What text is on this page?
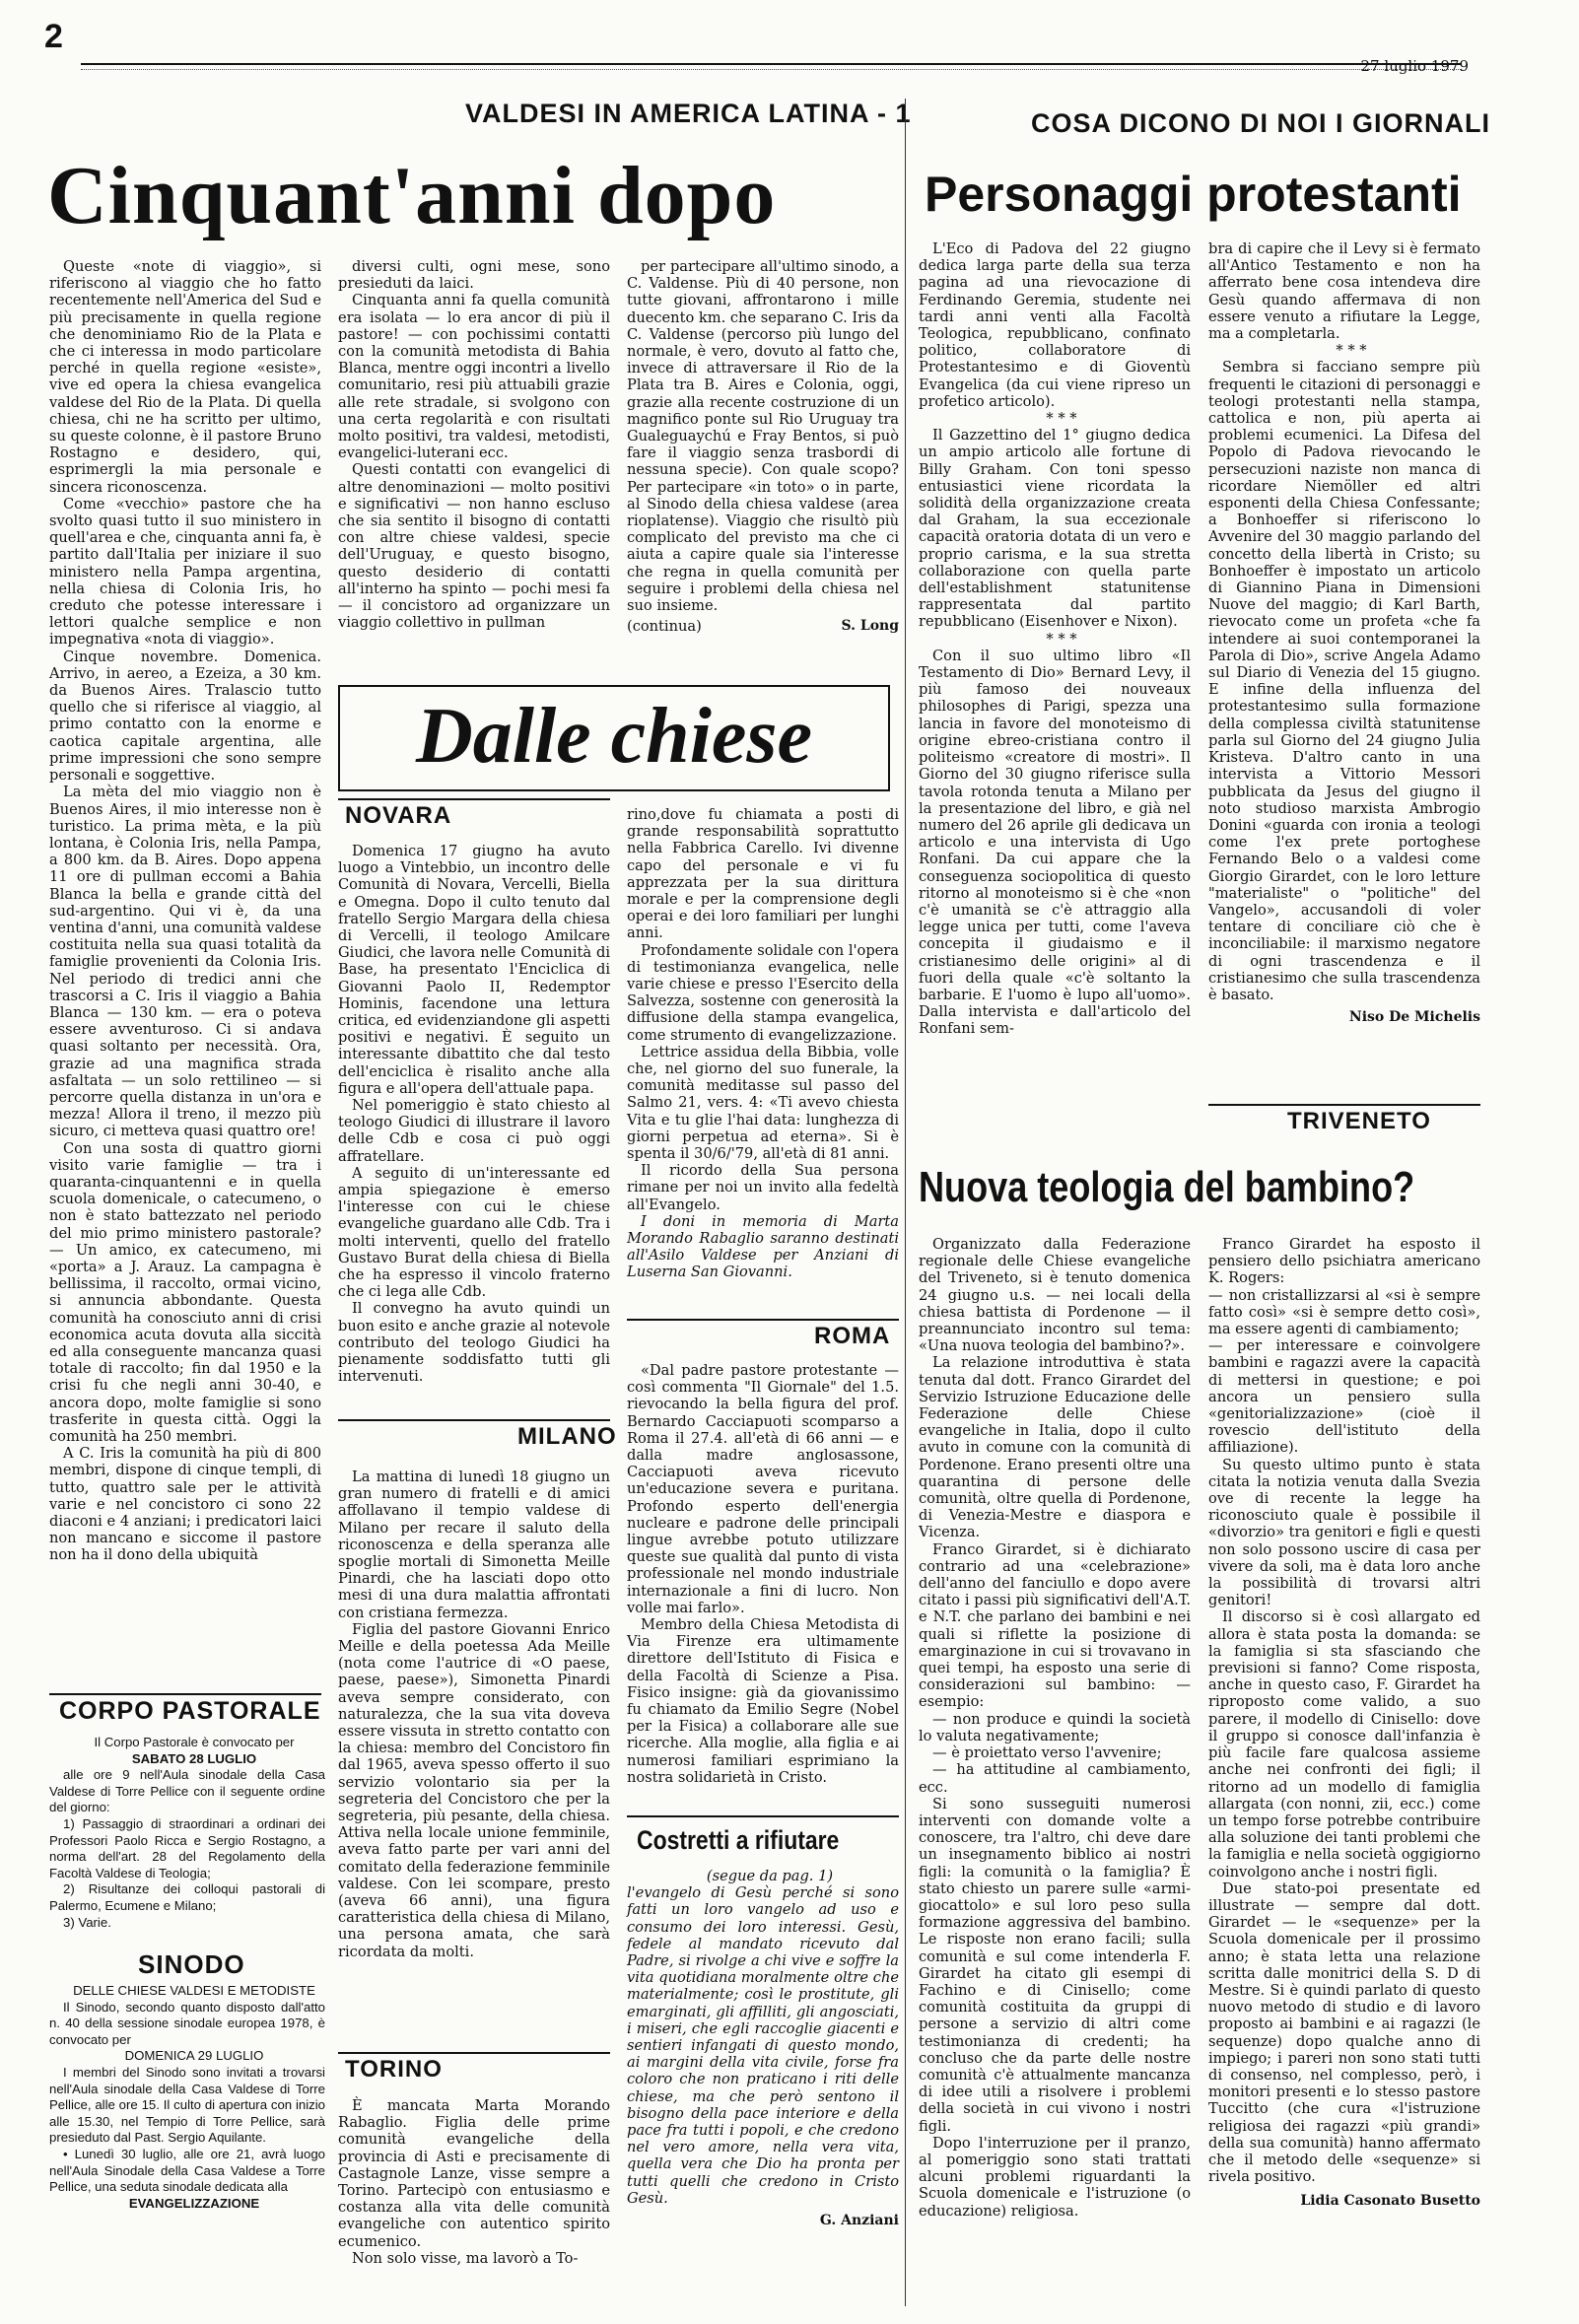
2
27 luglio 1979
VALDESI IN AMERICA LATINA - 1
Cinquant'anni dopo
COSA DICONO DI NOI I GIORNALI
Personaggi protestanti

Queste «note di viaggio», si riferiscono al viaggio che ho fatto recentemente nell'America del Sud e più precisamente in quella regione che denominiamo Rio de la Plata e che ci interessa in modo particolare perché in quella regione «esiste», vive ed opera la chiesa evangelica valdese del Rio de la Plata. Di quella chiesa, chi ne ha scritto per ultimo, su queste colonne, è il pastore Bruno Rostagno e desidero, qui, esprimergli la mia personale e sincera riconoscenza.

Come «vecchio» pastore che ha svolto quasi tutto il suo ministero in quell'area e che, cinquanta anni fa, è partito dall'Italia per iniziare il suo ministero nella Pampa argentina, nella chiesa di Colonia Iris, ho creduto che potesse interessare i lettori qualche semplice e non impegnativa «nota di viaggio».

Cinque novembre. Domenica. Arrivo, in aereo, a Ezeiza, a 30 km. da Buenos Aires. Tralascio tutto quello che si riferisce al viaggio, al primo contatto con la enorme e caotica capitale argentina, alle prime impressioni che sono sempre personali e soggettive.

La mèta del mio viaggio non è Buenos Aires, il mio interesse non è turistico. La prima mèta, e la più lontana, è Colonia Iris, nella Pampa, a 800 km. da B. Aires. Dopo appena 11 ore di pullman eccomi a Bahia Blanca la bella e grande città del sud-argentino. Qui vi è, da una ventina d'anni, una comunità valdese costituita nella sua quasi totalità da famiglie provenienti da Colonia Iris. Nel periodo di tredici anni che trascorsi a C. Iris il viaggio a Bahia Blanca — 130 km. — era o poteva essere avventuroso. Ci si andava quasi soltanto per necessità. Ora, grazie ad una magnifica strada asfaltata — un solo rettilineo — si percorre quella distanza in un'ora e mezza! Allora il treno, il mezzo più sicuro, ci metteva quasi quattro ore!

Con una sosta di quattro giorni visito varie famiglie — tra i quaranta-cinquantenni e in quella scuola domenicale, o catecumeno, o non è stato battezzato nel periodo del mio primo ministero pastorale? — Un amico, ex catecumeno, mi «porta» a J. Arauz. La campagna è bellissima, il raccolto, ormai vicino, si annuncia abbondante. Questa comunità ha conosciuto anni di crisi economica acuta dovuta alla siccità ed alla conseguente mancanza quasi totale di raccolto; fin dal 1950 e la crisi fu che negli anni 30-40, e ancora dopo, molte famiglie si sono trasferite in questa città. Oggi la comunità ha 250 membri.

A C. Iris la comunità ha più di 800 membri, dispone di cinque templi, di tutto, quattro sale per le attività varie e nel concistoro ci sono 22 diaconi e 4 anziani; i predicatori laici non mancano e siccome il pastore non ha il dono della ubiquità

diversi culti, ogni mese, sono presieduti da laici.

Cinquanta anni fa quella comunità era isolata — lo era ancor di più il pastore! — con pochissimi contatti con la comunità metodista di Bahia Blanca, mentre oggi incontri a livello comunitario, resi più attuabili grazie alle rete stradale, si svolgono con una certa regolarità e con risultati molto positivi, tra valdesi, metodisti, evangelici-luterani ecc.

Questi contatti con evangelici di altre denominazioni — molto positivi e significativi — non hanno escluso che sia sentito il bisogno di contatti con altre chiese valdesi, specie dell'Uruguay, e questo bisogno, questo desiderio di contatti all'interno ha spinto — pochi mesi fa — il concistoro ad organizzare un viaggio collettivo in pullman

per partecipare all'ultimo sinodo, a C. Valdense. Più di 40 persone, non tutte giovani, affrontarono i mille duecento km. che separano C. Iris da C. Valdense (percorso più lungo del normale, è vero, dovuto al fatto che, invece di attraversare il Rio de la Plata tra B. Aires e Colonia, oggi, grazie alla recente costruzione di un magnifico ponte sul Rio Uruguay tra Gualeguaychú e Fray Bentos, si può fare il viaggio senza trasbordi di nessuna specie). Con quale scopo? Per partecipare «in toto» o in parte, al Sinodo della chiesa valdese (area rioplatense). Viaggio che risultò più complicato del previsto ma che ci aiuta a capire quale sia l'interesse che regna in quella comunità per seguire i problemi della chiesa nel suo insieme.

(continua)	S. Long
Dalle chiese
CORPO PASTORALE

Il Corpo Pastorale è convocato per

SABATO 28 LUGLIO

alle ore 9 nell'Aula sinodale della Casa Valdese di Torre Pellice con il seguente ordine del giorno:

1) Passaggio di straordinari a ordinari dei Professori Paolo Ricca e Sergio Rostagno, a norma dell'art. 28 del Regolamento della Facoltà Valdese di Teologia;

2) Risultanze dei colloqui pastorali di Palermo, Ecumene e Milano;

3) Varie.

SINODO

DELLE CHIESE VALDESI E METODISTE

Il Sinodo, secondo quanto disposto dall'atto n. 40 della sessione sinodale europea 1978, è convocato per

DOMENICA 29 LUGLIO

I membri del Sinodo sono invitati a trovarsi nell'Aula sinodale della Casa Valdese di Torre Pellice, alle ore 15. Il culto di apertura con inizio alle 15.30, nel Tempio di Torre Pellice, sarà presieduto dal Past. Sergio Aquilante.

• Lunedì 30 luglio, alle ore 21, avrà luogo nell'Aula Sinodale della Casa Valdese a Torre Pellice, una seduta sinodale dedicata alla

EVANGELIZZAZIONE

NOVARA

Domenica 17 giugno ha avuto luogo a Vintebbio, un incontro delle Comunità di Novara, Vercelli, Biella e Omegna. Dopo il culto tenuto dal fratello Sergio Margara della chiesa di Vercelli, il teologo Amilcare Giudici, che lavora nelle Comunità di Base, ha presentato l'Enciclica di Giovanni Paolo II, Redemptor Hominis, facendone una lettura critica, ed evidenziandone gli aspetti positivi e negativi. È seguito un interessante dibattito che dal testo dell'enciclica è risalito anche alla figura e all'opera dell'attuale papa.

Nel pomeriggio è stato chiesto al teologo Giudici di illustrare il lavoro delle Cdb e cosa ci può oggi affratellare.

A seguito di un'interessante ed ampia spiegazione è emerso l'interesse con cui le chiese evangeliche guardano alle Cdb. Tra i molti interventi, quello del fratello Gustavo Burat della chiesa di Biella che ha espresso il vincolo fraterno che ci lega alle Cdb.

Il convegno ha avuto quindi un buon esito e anche grazie al notevole contributo del teologo Giudici ha pienamente soddisfatto tutti gli intervenuti.

MILANO

La mattina di lunedì 18 giugno un gran numero di fratelli e di amici affollavano il tempio valdese di Milano per recare il saluto della riconoscenza e della speranza alle spoglie mortali di Simonetta Meille Pinardi, che ha lasciati dopo otto mesi di una dura malattia affrontati con cristiana fermezza.

Figlia del pastore Giovanni Enrico Meille e della poetessa Ada Meille (nota come l'autrice di «O paese, paese, paese»), Simonetta Pinardi aveva sempre considerato, con naturalezza, che la sua vita doveva essere vissuta in stretto contatto con la chiesa: membro del Concistoro fin dal 1965, aveva spesso offerto il suo servizio volontario sia per la segreteria del Concistoro che per la segreteria, più pesante, della chiesa. Attiva nella locale unione femminile, aveva fatto parte per vari anni del comitato della federazione femminile valdese. Con lei scompare, presto (aveva 66 anni), una figura caratteristica della chiesa di Milano, una persona amata, che sarà ricordata da molti.

TORINO

È mancata Marta Morando Rabaglio. Figlia delle prime comunità evangeliche della provincia di Asti e precisamente di Castagnole Lanze, visse sempre a Torino. Partecipò con entusiasmo e costanza alla vita delle comunità evangeliche con autentico spirito ecumenico.

Non solo visse, ma lavorò a To-

rino,dove fu chiamata a posti di grande responsabilità soprattutto nella Fabbrica Carello. Ivi divenne capo del personale e vi fu apprezzata per la sua dirittura morale e per la comprensione degli operai e dei loro familiari per lunghi anni.

Profondamente solidale con l'opera di testimonianza evangelica, nelle varie chiese e presso l'Esercito della Salvezza, sostenne con generosità la diffusione della stampa evangelica, come strumento di evangelizzazione.

Lettrice assidua della Bibbia, volle che, nel giorno del suo funerale, la comunità meditasse sul passo del Salmo 21, vers. 4: «Ti avevo chiesta Vita e tu glie l'hai data: lunghezza di giorni perpetua ad eterna». Si è spenta il 30/6/'79, all'età di 81 anni.

Il ricordo della Sua persona rimane per noi un invito alla fedeltà all'Evangelo.

I doni in memoria di Marta Morando Rabaglio saranno destinati all'Asilo Valdese per Anziani di Luserna San Giovanni.

ROMA

«Dal padre pastore protestante — così commenta "Il Giornale" del 1.5. rievocando la bella figura del prof. Bernardo Cacciapuoti scomparso a Roma il 27.4. all'età di 66 anni — e dalla madre anglosassone, Cacciapuoti aveva ricevuto un'educazione severa e puritana. Profondo esperto dell'energia nucleare e padrone delle principali lingue avrebbe potuto utilizzare queste sue qualità dal punto di vista professionale nel mondo industriale internazionale a fini di lucro. Non volle mai farlo».

Membro della Chiesa Metodista di Via Firenze era ultimamente direttore dell'Istituto di Fisica e della Facoltà di Scienze a Pisa. Fisico insigne: già da giovanissimo fu chiamato da Emilio Segre (Nobel per la Fisica) a collaborare alle sue ricerche. Alla moglie, alla figlia e ai numerosi familiari esprimiano la nostra solidarietà in Cristo.

Costretti a rifiutare

(segue da pag. 1)

l'evangelo di Gesù perché si sono fatti un loro vangelo ad uso e consumo dei loro interessi. Gesù, fedele al mandato ricevuto dal Padre, si rivolge a chi vive e soffre la vita quotidiana moralmente oltre che materialmente; così le prostitute, gli emarginati, gli affilliti, gli angosciati, i miseri, che egli raccoglie giacenti e sentieri infangati di questo mondo, ai margini della vita civile, forse fra coloro che non praticano i riti delle chiese, ma che però sentono il bisogno della pace interiore e della pace fra tutti i popoli, e che credono nel vero amore, nella vera vita, quella vera che Dio ha pronta per tutti quelli che credono in Cristo Gesù.

G. Anziani

L'Eco di Padova del 22 giugno dedica larga parte della sua terza pagina ad una rievocazione di Ferdinando Geremia, studente nei tardi anni venti alla Facoltà Teologica, repubblicano, confinato politico, collaboratore di Protestantesimo e di Gioventù Evangelica (da cui viene ripreso un profetico articolo).

* * *

Il Gazzettino del 1° giugno dedica un ampio articolo alle fortune di Billy Graham. Con toni spesso entusiastici viene ricordata la solidità della organizzazione creata dal Graham, la sua eccezionale capacità oratoria dotata di un vero e proprio carisma, e la sua stretta collaborazione con quella parte dell'establishment statunitense rappresentata dal partito repubblicano (Eisenhover e Nixon).

* * *

Con il suo ultimo libro «Il Testamento di Dio» Bernard Levy, il più famoso dei nouveaux philosophes di Parigi, spezza una lancia in favore del monoteismo di origine ebreo-cristiana contro il politeismo «creatore di mostri». Il Giorno del 30 giugno riferisce sulla tavola rotonda tenuta a Milano per la presentazione del libro, e già nel numero del 26 aprile gli dedicava un articolo e una intervista di Ugo Ronfani. Da cui appare che la conseguenza sociopolitica di questo ritorno al monoteismo si è che «non c'è umanità se c'è attraggio alla legge unica per tutti, come l'aveva concepita il giudaismo e il cristianesimo delle origini» al di fuori della quale «c'è soltanto la barbarie. E l'uomo è lupo all'uomo». Dalla intervista e dall'articolo del Ronfani sem-

bra di capire che il Levy si è fermato all'Antico Testamento e non ha afferrato bene cosa intendeva dire Gesù quando affermava di non essere venuto a rifiutare la Legge, ma a completarla.

* * *

Sembra si facciano sempre più frequenti le citazioni di personaggi e teologi protestanti nella stampa, cattolica e non, più aperta ai problemi ecumenici. La Difesa del Popolo di Padova rievocando le persecuzioni naziste non manca di ricordare Niemöller ed altri esponenti della Chiesa Confessante; a Bonhoeffer si riferiscono lo Avvenire del 30 maggio parlando del concetto della libertà in Cristo; su Bonhoeffer è impostato un articolo di Giannino Piana in Dimensioni Nuove del maggio; di Karl Barth, rievocato come un profeta «che fa intendere ai suoi contemporanei la Parola di Dio», scrive Angela Adamo sul Diario di Venezia del 15 giugno. E infine della influenza del protestantesimo sulla formazione della complessa civiltà statunitense parla sul Giorno del 24 giugno Julia Kristeva. D'altro canto in una intervista a Vittorio Messori pubblicata da Jesus del giugno il noto studioso marxista Ambrogio Donini «guarda con ironia a teologi come l'ex prete portoghese Fernando Belo o a valdesi come Giorgio Girardet, con le loro letture "materialiste" o "politiche" del Vangelo», accusandoli di voler tentare di conciliare ciò che è inconciliabile: il marxismo negatore di ogni trascendenza e il cristianesimo che sulla trascendenza è basato.

Niso De Michelis
TRIVENETO
Nuova teologia del bambino?

Organizzato dalla Federazione regionale delle Chiese evangeliche del Triveneto, si è tenuto domenica 24 giugno u.s. — nei locali della chiesa battista di Pordenone — il preannunciato incontro sul tema: «Una nuova teologia del bambino?».

La relazione introduttiva è stata tenuta dal dott. Franco Girardet del Servizio Istruzione Educazione delle Federazione delle Chiese evangeliche in Italia, dopo il culto avuto in comune con la comunità di Pordenone. Erano presenti oltre una quarantina di persone delle comunità, oltre quella di Pordenone, di Venezia-Mestre e diaspora e Vicenza.

Franco Girardet, si è dichiarato contrario ad una «celebrazione» dell'anno del fanciullo e dopo avere citato i passi più significativi dell'A.T. e N.T. che parlano dei bambini e nei quali si riflette la posizione di emarginazione in cui si trovavano in quei tempi, ha esposto una serie di considerazioni sul bambino: — esempio:

— non produce e quindi la società lo valuta negativamente;

— è proiettato verso l'avvenire;

— ha attitudine al cambiamento, ecc.

Si sono susseguiti numerosi interventi con domande volte a conoscere, tra l'altro, chi deve dare un insegnamento biblico ai nostri figli: la comunità o la famiglia? È stato chiesto un parere sulle «armi-giocattolo» e sul loro peso sulla formazione aggressiva del bambino. Le risposte non erano facili; sulla comunità e sul come intenderla F. Girardet ha citato gli esempi di Fachino e di Cinisello; come comunità costituita da gruppi di persone a servizio di altri come testimonianza di credenti; ha concluso che da parte delle nostre comunità c'è attualmente mancanza di idee utili a risolvere i problemi della società in cui vivono i nostri figli.

Dopo l'interruzione per il pranzo, al pomeriggio sono stati trattati alcuni problemi riguardanti la Scuola domenicale e l'istruzione (o educazione) religiosa.

Franco Girardet ha esposto il pensiero dello psichiatra americano K. Rogers:

— non cristallizzarsi al «si è sempre fatto così» «si è sempre detto così», ma essere agenti di cambiamento;

— per interessare e coinvolgere bambini e ragazzi avere la capacità di mettersi in questione; e poi ancora un pensiero sulla «genitorializzazione» (cioè il rovescio dell'istituto della affiliazione).

Su questo ultimo punto è stata citata la notizia venuta dalla Svezia ove di recente la legge ha riconosciuto quale è possibile il «divorzio» tra genitori e figli e questi non solo possono uscire di casa per vivere da soli, ma è data loro anche la possibilità di trovarsi altri genitori!

Il discorso si è così allargato ed allora è stata posta la domanda: se la famiglia si sta sfasciando che previsioni si fanno? Come risposta, anche in questo caso, F. Girardet ha riproposto come valido, a suo parere, il modello di Cinisello: dove il gruppo si conosce dall'infanzia è più facile fare qualcosa assieme anche nei confronti dei figli; il ritorno ad un modello di famiglia allargata (con nonni, zii, ecc.) come un tempo forse potrebbe contribuire alla soluzione dei tanti problemi che la famiglia e nella società oggigiorno coinvolgono anche i nostri figli.

Due stato-poi presentate ed illustrate — sempre dal dott. Girardet — le «sequenze» per la Scuola domenicale per il prossimo anno; è stata letta una relazione scritta dalle monitrici della S. D di Mestre. Si è quindi parlato di questo nuovo metodo di studio e di lavoro proposto ai bambini e ai ragazzi (le sequenze) dopo qualche anno di impiego; i pareri non sono stati tutti di consenso, nel complesso, però, i monitori presenti e lo stesso pastore Tuccitto (che cura «l'istruzione religiosa dei ragazzi «più grandi» della sua comunità) hanno affermato che il metodo delle «sequenze» si rivela positivo.

Lidia Casonato Busetto
